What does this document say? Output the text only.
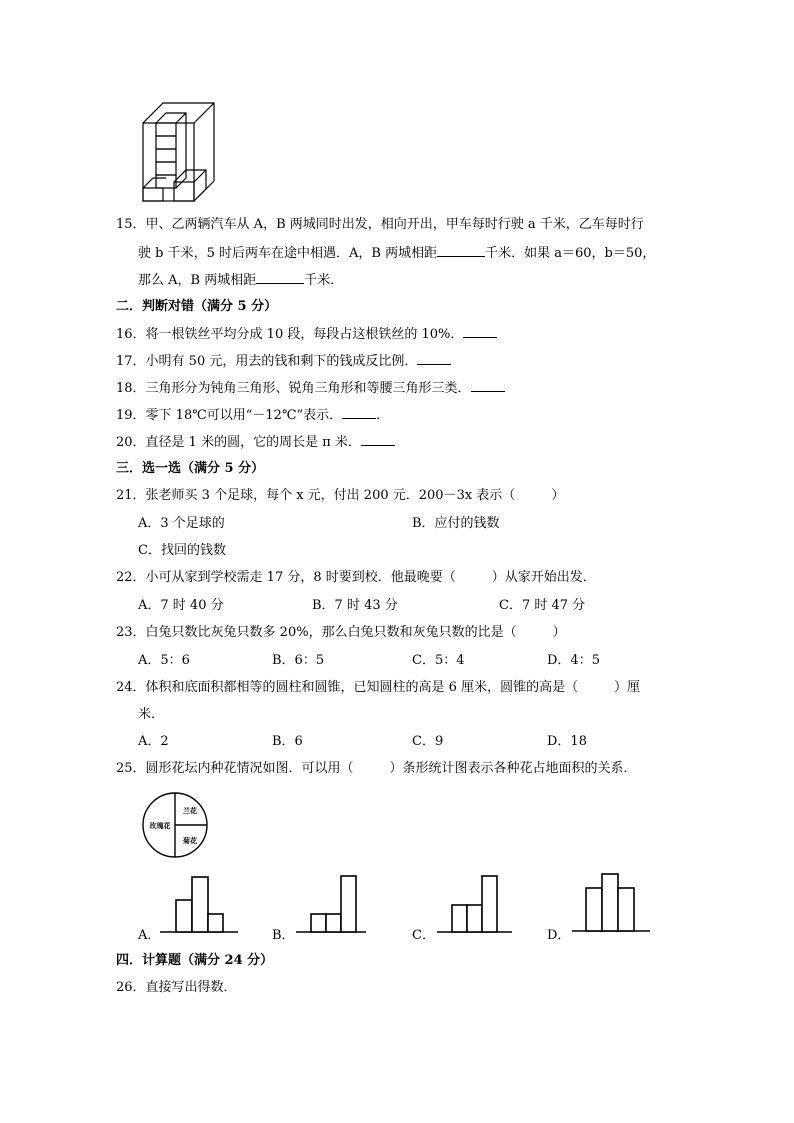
15．甲、乙两辆汽车从 A，B 两城同时出发，相向开出，甲车每时行驶 a 千米，乙车每时行
驶 b 千米，5 时后两车在途中相遇．A，B 两城相距	千米．如果 a＝60，b＝50，
那么 A，B 两城相距	千米．
二．判断对错（满分 5 分）
16．将一根铁丝平均分成 10 段，每段占这根铁丝的 10%．
17．小明有 50 元，用去的钱和剩下的钱成反比例．
18．三角形分为钝角三角形、锐角三角形和等腰三角形三类．
19．零下 18℃可以用“－12℃”表示．	．
20．直径是 1 米的圆，它的周长是 π 米．
三．选一选（满分 5 分）
21．张老师买 3 个足球，每个 x 元，付出 200 元．200－3x 表示（	）
A．3 个足球的	B．应付的钱数
C．找回的钱数
22．小可从家到学校需走 17 分，8 时要到校．他最晚要（	）从家开始出发．
A．7 时 40 分	B．7 时 43 分	C．7 时 47 分
23．白兔只数比灰兔只数多 20%，那么白兔只数和灰兔只数的比是（	）
A．5：6	B．6：5	C．5：4	D．4：5
24．体积和底面积都相等的圆柱和圆锥，已知圆柱的高是 6 厘米，圆锥的高是（	）厘
米．
A．2	B．6	C．9	D．18
25．圆形花坛内种花情况如图．可以用（	）条形统计图表示各种花占地面积的关系．
兰花
玫瑰花
菊花
A．	B．	C．	D．
四．计算题（满分 24 分）
26．直接写出得数．
